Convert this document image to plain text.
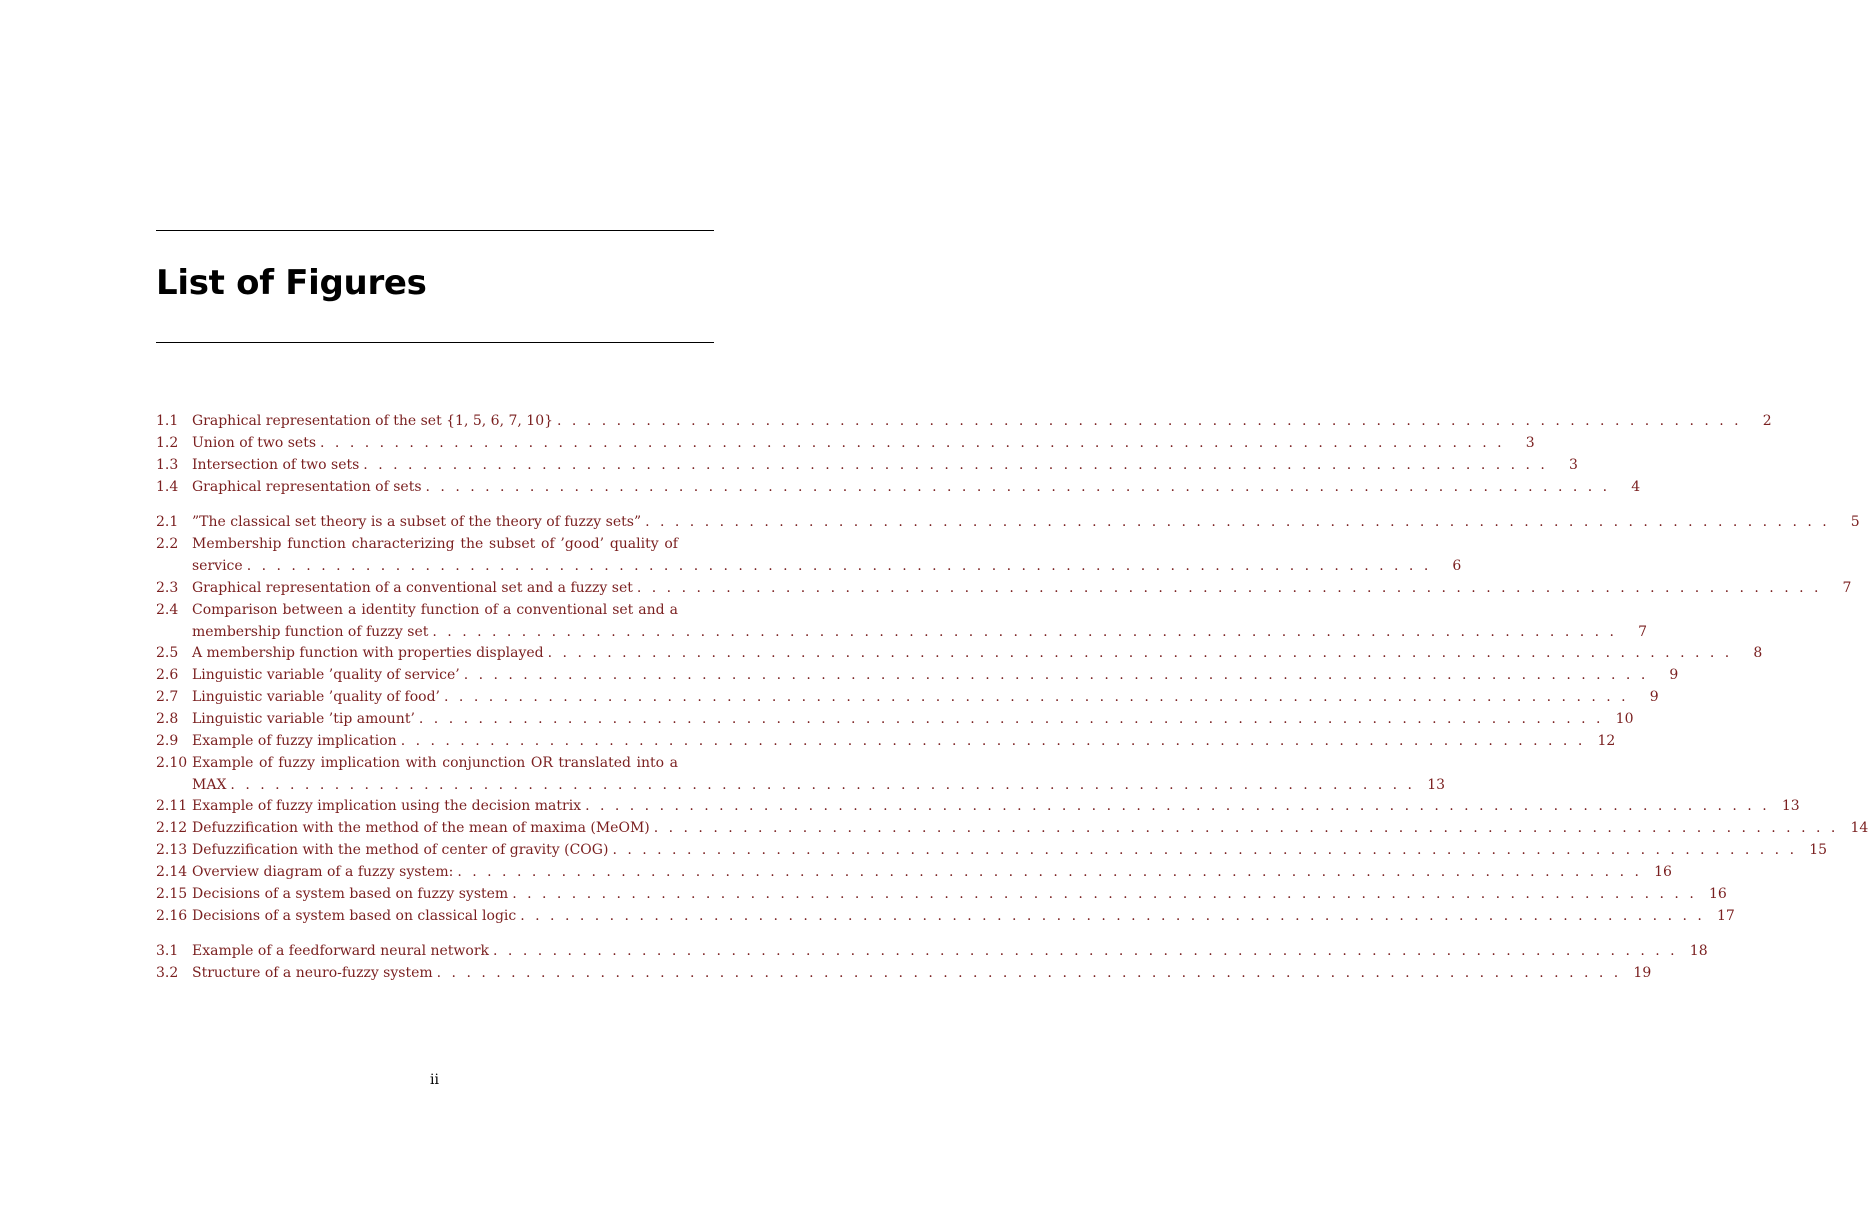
List of Figures
1.1 Graphical representation of the set {1, 5, 6, 7, 10} . . . . . . . . . . . . . . . . . . . . . . . . . . . . . . . . . . . . . . . . . . . . . . . . . . . . . . . . . . . . . . . . . . . . . . . . . . . . . . . .	2
1.2 Union of two sets . . . . . . . . . . . . . . . . . . . . . . . . . . . . . . . . . . . . . . . . . . . . . . . . . . . . . . . . . . . . . . . . . . . . . . . . . . . . . . . .	3
1.3 Intersection of two sets . . . . . . . . . . . . . . . . . . . . . . . . . . . . . . . . . . . . . . . . . . . . . . . . . . . . . . . . . . . . . . . . . . . . . . . . . . . . . . . .	3
1.4 Graphical representation of sets . . . . . . . . . . . . . . . . . . . . . . . . . . . . . . . . . . . . . . . . . . . . . . . . . . . . . . . . . . . . . . . . . . . . . . . . . . . . . . . .	4
2.1 ”The classical set theory is a subset of the theory of fuzzy sets” . . . . . . . . . . . . . . . . . . . . . . . . . . . . . . . . . . . . . . . . . . . . . . . . . . . . . . . . . . . . . . . . . . . . . . . . . . . . . . . .	5
2.2 Membership function characterizing the subset of ’good’ quality of
service . . . . . . . . . . . . . . . . . . . . . . . . . . . . . . . . . . . . . . . . . . . . . . . . . . . . . . . . . . . . . . . . . . . . . . . . . . . . . . . .	6
2.3 Graphical representation of a conventional set and a fuzzy set . . . . . . . . . . . . . . . . . . . . . . . . . . . . . . . . . . . . . . . . . . . . . . . . . . . . . . . . . . . . . . . . . . . . . . . . . . . . . . . .	7
2.4 Comparison between a identity function of a conventional set and a
membership function of fuzzy set . . . . . . . . . . . . . . . . . . . . . . . . . . . . . . . . . . . . . . . . . . . . . . . . . . . . . . . . . . . . . . . . . . . . . . . . . . . . . . . .	7
2.5 A membership function with properties displayed . . . . . . . . . . . . . . . . . . . . . . . . . . . . . . . . . . . . . . . . . . . . . . . . . . . . . . . . . . . . . . . . . . . . . . . . . . . . . . . .	8
2.6 Linguistic variable ’quality of service’ . . . . . . . . . . . . . . . . . . . . . . . . . . . . . . . . . . . . . . . . . . . . . . . . . . . . . . . . . . . . . . . . . . . . . . . . . . . . . . . .	9
2.7 Linguistic variable ’quality of food’ . . . . . . . . . . . . . . . . . . . . . . . . . . . . . . . . . . . . . . . . . . . . . . . . . . . . . . . . . . . . . . . . . . . . . . . . . . . . . . . .	9
2.8 Linguistic variable ’tip amount’ . . . . . . . . . . . . . . . . . . . . . . . . . . . . . . . . . . . . . . . . . . . . . . . . . . . . . . . . . . . . . . . . . . . . . . . . . . . . . . . . 10
2.9 Example of fuzzy implication . . . . . . . . . . . . . . . . . . . . . . . . . . . . . . . . . . . . . . . . . . . . . . . . . . . . . . . . . . . . . . . . . . . . . . . . . . . . . . . . 12
2.10 Example of fuzzy implication with conjunction OR translated into a
MAX . . . . . . . . . . . . . . . . . . . . . . . . . . . . . . . . . . . . . . . . . . . . . . . . . . . . . . . . . . . . . . . . . . . . . . . . . . . . . . . . 13
2.11 Example of fuzzy implication using the decision matrix . . . . . . . . . . . . . . . . . . . . . . . . . . . . . . . . . . . . . . . . . . . . . . . . . . . . . . . . . . . . . . . . . . . . . . . . . . . . . . . . 13
2.12 Defuzzification with the method of the mean of maxima (MeOM) . . . . . . . . . . . . . . . . . . . . . . . . . . . . . . . . . . . . . . . . . . . . . . . . . . . . . . . . . . . . . . . . . . . . . . . . . . . . . . . . 14
2.13 Defuzzification with the method of center of gravity (COG) . . . . . . . . . . . . . . . . . . . . . . . . . . . . . . . . . . . . . . . . . . . . . . . . . . . . . . . . . . . . . . . . . . . . . . . . . . . . . . . . 15
2.14 Overview diagram of a fuzzy system: . . . . . . . . . . . . . . . . . . . . . . . . . . . . . . . . . . . . . . . . . . . . . . . . . . . . . . . . . . . . . . . . . . . . . . . . . . . . . . . . 16
2.15 Decisions of a system based on fuzzy system . . . . . . . . . . . . . . . . . . . . . . . . . . . . . . . . . . . . . . . . . . . . . . . . . . . . . . . . . . . . . . . . . . . . . . . . . . . . . . . . 16
2.16 Decisions of a system based on classical logic . . . . . . . . . . . . . . . . . . . . . . . . . . . . . . . . . . . . . . . . . . . . . . . . . . . . . . . . . . . . . . . . . . . . . . . . . . . . . . . . 17
3.1 Example of a feedforward neural network . . . . . . . . . . . . . . . . . . . . . . . . . . . . . . . . . . . . . . . . . . . . . . . . . . . . . . . . . . . . . . . . . . . . . . . . . . . . . . . . 18
3.2 Structure of a neuro-fuzzy system . . . . . . . . . . . . . . . . . . . . . . . . . . . . . . . . . . . . . . . . . . . . . . . . . . . . . . . . . . . . . . . . . . . . . . . . . . . . . . . . 19
ii
